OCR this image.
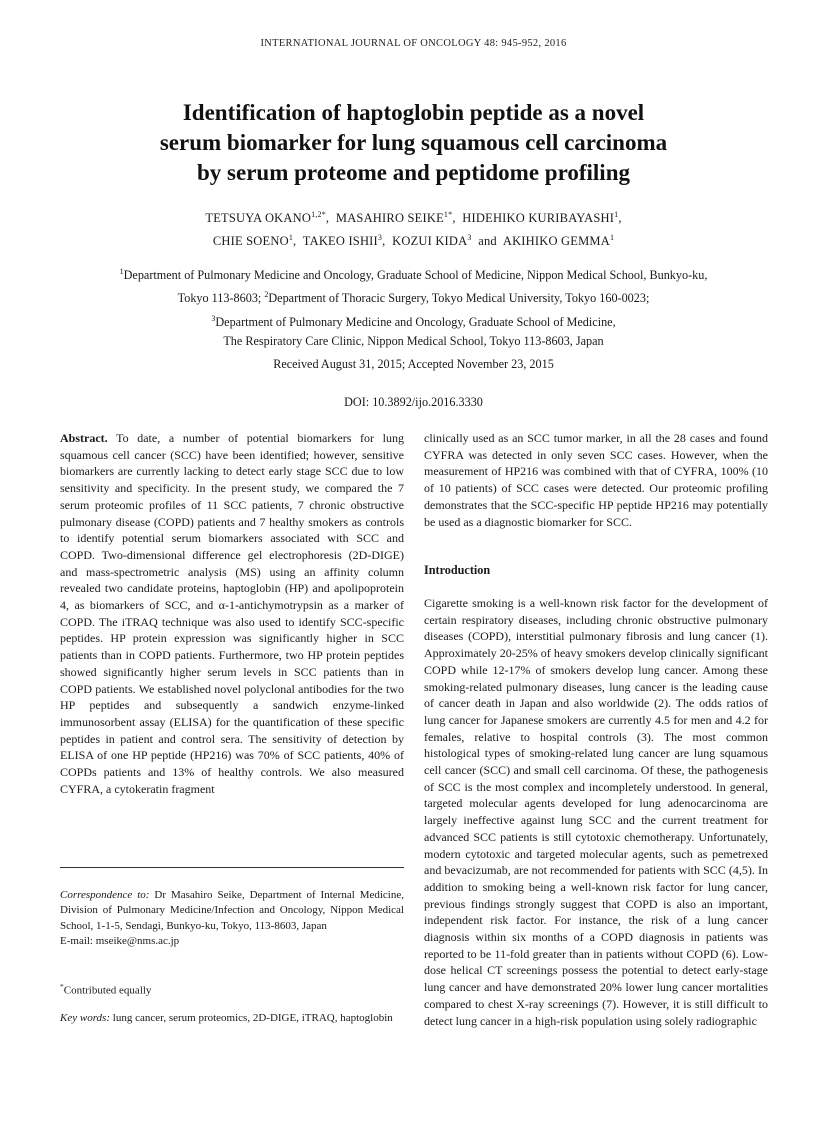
INTERNATIONAL JOURNAL OF ONCOLOGY 48: 945-952, 2016
Identification of haptoglobin peptide as a novel
serum biomarker for lung squamous cell carcinoma
by serum proteome and peptidome profiling
TETSUYA $OKANO^{1,2*}$,  MASAHIRO $SEIKE^{1*}$,  HIDEHIKO KURIBAYASHI$^1$,
CHIE SOENO$^1$,  TAKEO ISHII$^3$,  KOZUI KIDA$^3$ and AKIHIKO GEMMA$^1$
$^1$Department of Pulmonary Medicine and Oncology, Graduate School of Medicine, Nippon Medical School, Bunkyo-ku,
Tokyo 113-8603; $^2$Department of Thoracic Surgery, Tokyo Medical University, Tokyo 160-0023;
$^3$Department of Pulmonary Medicine and Oncology, Graduate School of Medicine,
The Respiratory Care Clinic, Nippon Medical School, Tokyo 113-8603, Japan
Received August 31, 2015; Accepted November 23, 2015
DOI: 10.3892/ijo.2016.3330

Abstract. To date, a number of potential biomarkers for lung squamous cell cancer (SCC) have been identified; however, sensitive biomarkers are currently lacking to detect early stage SCC due to low sensitivity and specificity. In the present study, we compared the 7 serum proteomic profiles of 11 SCC patients, 7 chronic obstructive pulmonary disease (COPD) patients and 7 healthy smokers as controls to identify potential serum biomarkers associated with SCC and COPD. Two-dimensional difference gel electrophoresis (2D-DIGE) and mass-spectrometric analysis (MS) using an affinity column revealed two candidate proteins, haptoglobin (HP) and apolipoprotein 4, as biomarkers of SCC, and α-1-antichymotrypsin as a marker of COPD. The iTRAQ technique was also used to identify SCC-specific peptides. HP protein expression was significantly higher in SCC patients than in COPD patients. Furthermore, two HP protein peptides showed significantly higher serum levels in SCC patients than in COPD patients. We established novel polyclonal antibodies for the two HP peptides and subsequently a sandwich enzyme-linked immunosorbent assay (ELISA) for the quantification of these specific peptides in patient and control sera. The sensitivity of detection by ELISA of one HP peptide (HP216) was 70% of SCC patients, 40% of COPDs patients and 13% of healthy controls. We also measured CYFRA, a cytokeratin fragment

clinically used as an SCC tumor marker, in all the 28 cases and found CYFRA was detected in only seven SCC cases. However, when the measurement of HP216 was combined with that of CYFRA, 100% (10 of 10 patients) of SCC cases were detected. Our proteomic profiling demonstrates that the SCC-specific HP peptide HP216 may potentially be used as a diagnostic biomarker for SCC.

Introduction

Cigarette smoking is a well-known risk factor for the development of certain respiratory diseases, including chronic obstructive pulmonary diseases (COPD), interstitial pulmonary fibrosis and lung cancer (1). Approximately 20-25% of heavy smokers develop clinically significant COPD while 12-17% of smokers develop lung cancer. Among these smoking-related pulmonary diseases, lung cancer is the leading cause of cancer death in Japan and also worldwide (2). The odds ratios of lung cancer for Japanese smokers are currently 4.5 for men and 4.2 for females, relative to hospital controls (3). The most common histological types of smoking-related lung cancer are lung squamous cell cancer (SCC) and small cell carcinoma. Of these, the pathogenesis of SCC is the most complex and incompletely understood. In general, targeted molecular agents developed for lung adenocarcinoma are largely ineffective against lung SCC and the current treatment for advanced SCC patients is still cytotoxic chemotherapy. Unfortunately, modern cytotoxic and targeted molecular agents, such as pemetrexed and bevacizumab, are not recommended for patients with SCC (4,5). In addition to smoking being a well-known risk factor for lung cancer, previous findings strongly suggest that COPD is also an important, independent risk factor. For instance, the risk of a lung cancer diagnosis within six months of a COPD diagnosis in patients was reported to be 11-fold greater than in patients without COPD (6). Low-dose helical CT screenings possess the potential to detect early-stage lung cancer and have demonstrated 20% lower lung cancer mortalities compared to chest X-ray screenings (7). However, it is still difficult to detect lung cancer in a high-risk population using solely radiographic

Correspondence to: Dr Masahiro Seike, Department of Internal Medicine, Division of Pulmonary Medicine/Infection and Oncology, Nippon Medical School, 1-1-5, Sendagi, Bunkyo-ku, Tokyo, 113-8603, Japan
E-mail: mseike@nms.ac.jp
*Contributed equally
Key words: lung cancer, serum proteomics, 2D-DIGE, iTRAQ, haptoglobin
